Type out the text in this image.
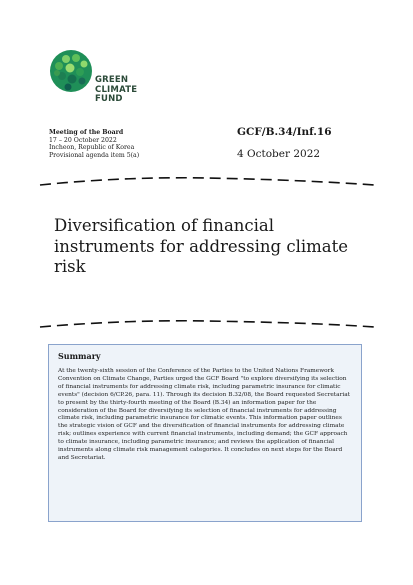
GREEN
CLIMATE
FUND

Meeting of the Board
17 – 20 October 2022
Incheon, Republic of Korea
Provisional agenda item 5(a)
GCF/B.34/Inf.16
4 October 2022
Diversification of financial instruments for addressing climate risk
Summary

At the twenty-sixth session of the Conference of the Parties to the United Nations Framework Convention on Climate Change, Parties urged the GCF Board "to explore diversifying its selection of financial instruments for addressing climate risk, including parametric insurance for climatic events" (decision 6/CP.26, para. 11). Through its decision B.32/08, the Board requested Secretariat to present by the thirty-fourth meeting of the Board (B.34) an information paper for the consideration of the Board for diversifying its selection of financial instruments for addressing climate risk, including parametric insurance for climatic events. This information paper outlines the strategic vision of GCF and the diversification of financial instruments for addressing climate risk; outlines experience with current financial instruments, including demand; the GCF approach to climate insurance, including parametric insurance; and reviews the application of financial instruments along climate risk management categories. It concludes on next steps for the Board and Secretariat.
